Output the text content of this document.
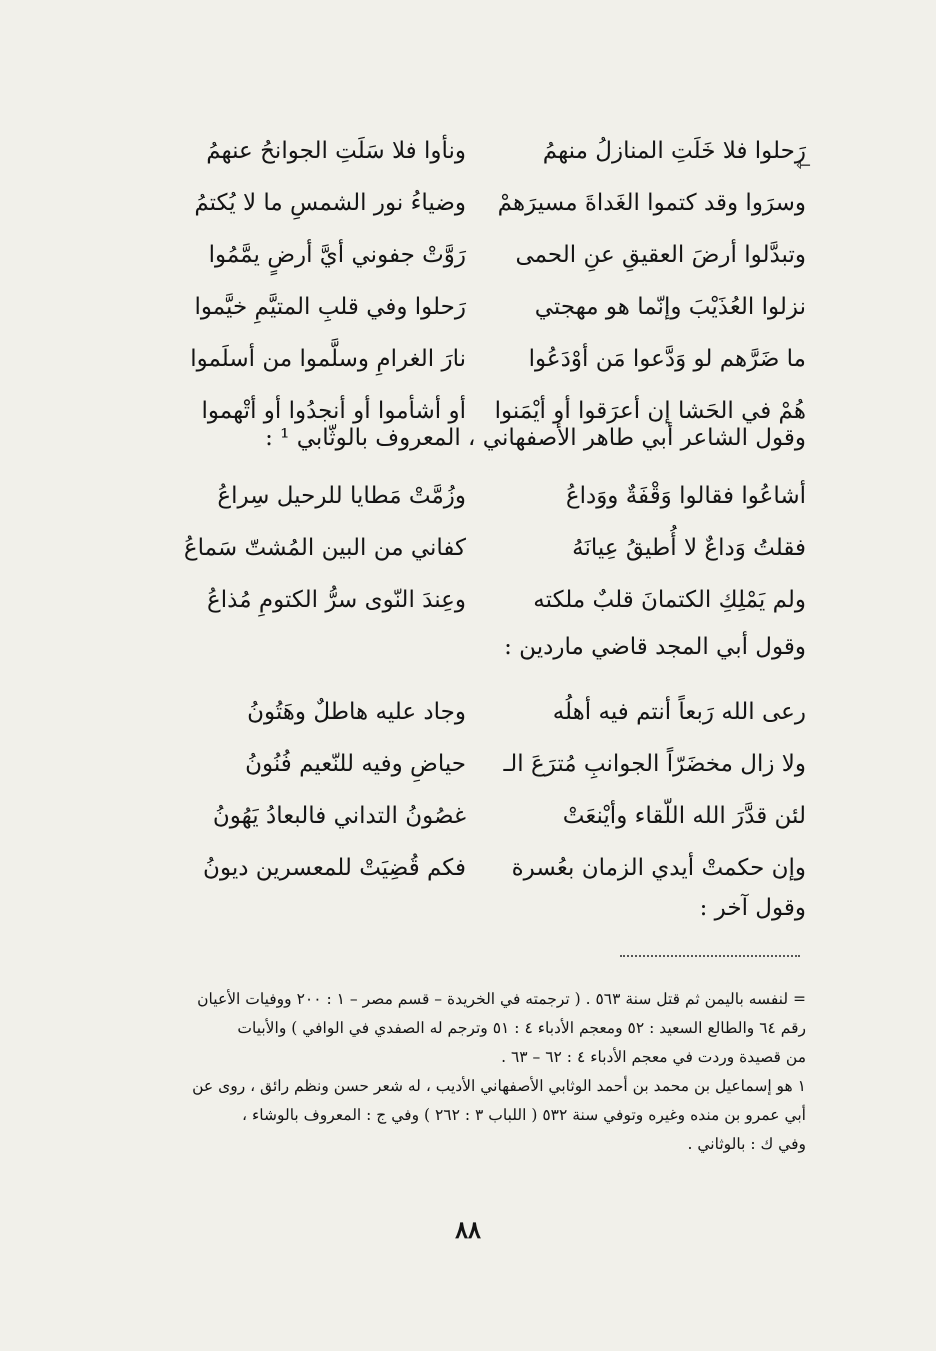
⇽
رَحلوا فلا خَلَتِ المنازلُ منهمُ
ونأوا فلا سَلَتِ الجوانحُ عنهمُ
وسرَوا وقد كتموا الغَداةَ مسيرَهمْ
وضياءُ نور الشمسِ ما لا يُكتمُ
وتبدَّلوا أرضَ العقيقِ عنِ الحمى
رَوَّتْ جفوني أيَّ أرضٍ يمَّمُوا
نزلوا العُذَيْبَ وإنّما هو مهجتي
رَحلوا وفي قلبِ المتيَّمِ خيَّموا
ما ضَرَّهم لو وَدَّعوا مَن أوْدَعُوا
نارَ الغرامِ وسلَّموا من أسلَموا
هُمْ في الحَشا إن أعرَقوا أو أيْمَنوا
أو أشأموا أو أنجدُوا أو أتْهموا
وقول الشاعر أبي طاهر الأصفهاني ، المعروف بالوثّابي ¹ :
أشاعُوا فقالوا وَقْفَةٌ ووَداعُ
وزُمَّتْ مَطايا للرحيل سِراعُ
فقلتُ وَداعٌ لا أُطيقُ عِيانَهُ
كفاني من البين المُشتّ سَماعُ
ولم يَمْلِكِ الكتمانَ قلبٌ ملكته
وعِندَ النّوى سرُّ الكتومِ مُذاعُ
وقول أبي المجد قاضي ماردين :
رعى الله رَبعاً أنتم فيه أهلُه
وجاد عليه هاطلٌ وهَتُونُ
ولا زال مخضَرّاً الجوانبِ مُترَعَ الـ
حياضِ وفيه للنّعيم فُنُونُ
لئن قدَّرَ الله اللّقاء وأيْنعَتْ
غصُونُ التداني فالبعادُ يَهُونُ
وإن حكمتْ أيدي الزمان بعُسرة
فكم قُضِيَتْ للمعسرين ديونُ
وقول آخر :
= لنفسه باليمن ثم قتل سنة ٥٦٣ . ( ترجمته في الخريدة – قسم مصر – ١ : ٢٠٠ ووفيات الأعيان
رقم ٦٤ والطالع السعيد : ٥٢ ومعجم الأدباء ٤ : ٥١ وترجم له الصفدي في الوافي ) والأبيات
من قصيدة وردت في معجم الأدباء ٤ : ٦٢ – ٦٣ .
١ هو إسماعيل بن محمد بن أحمد الوثابي الأصفهاني الأديب ، له شعر حسن ونظم رائق ، روى عن
أبي عمرو بن منده وغيره وتوفي سنة ٥٣٢ ( اللباب ٣ : ٢٦٢ ) وفي ج : المعروف بالوشاء ،
وفي ك : بالوثاني .
٨٨
